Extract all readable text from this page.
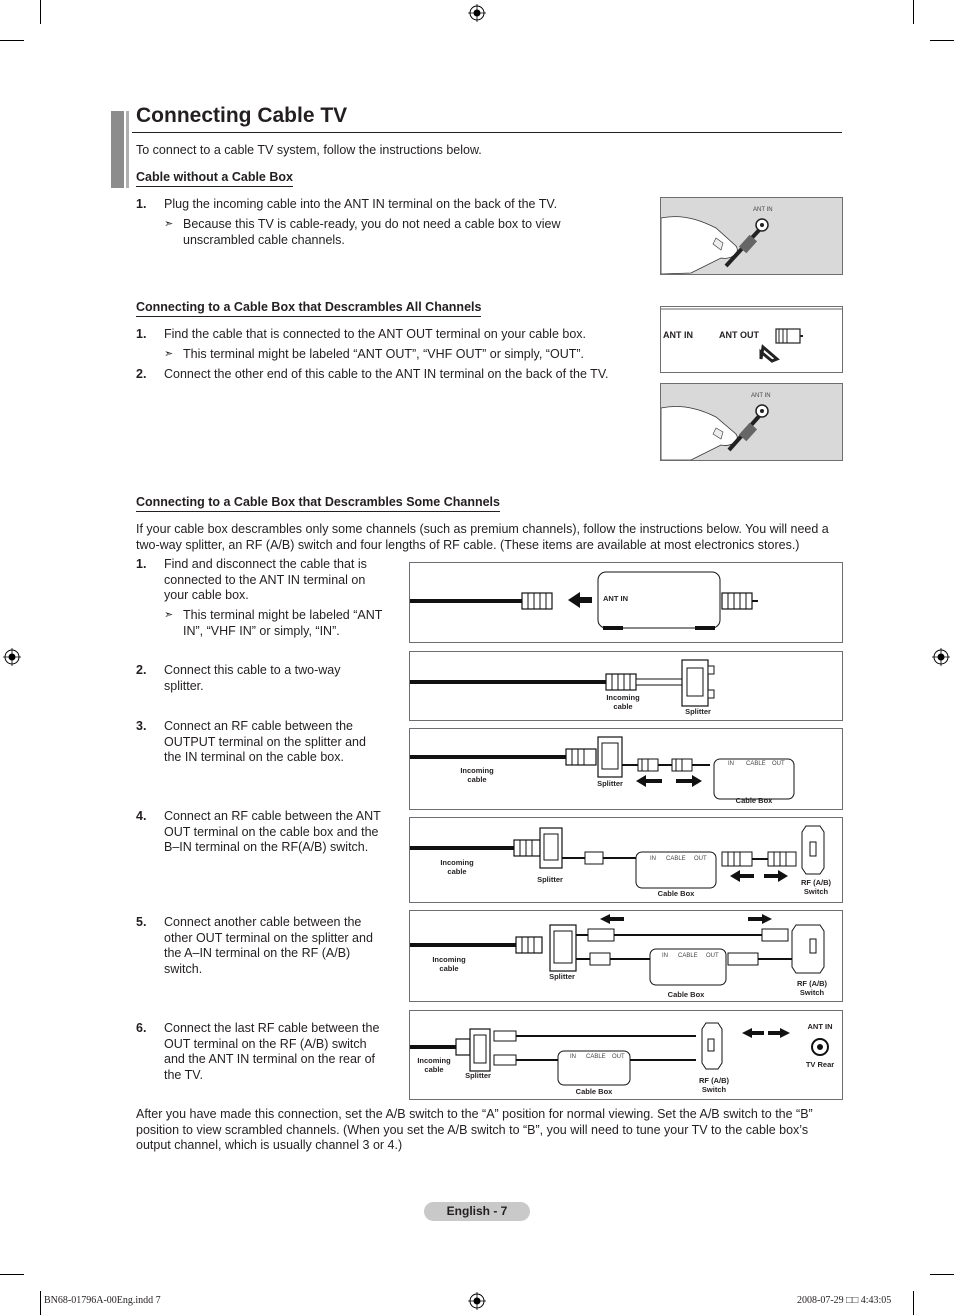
Connecting Cable TV
To connect to a cable TV system, follow the instructions below.
Cable without a Cable Box
1. Plug the incoming cable into the ANT IN terminal on the back of the TV.
➣ Because this TV is cable-ready, you do not need a cable box to view unscrambled cable channels.
ANT IN
Connecting to a Cable Box that Descrambles All Channels
1. Find the cable that is connected to the ANT OUT terminal on your cable box.
➣ This terminal might be labeled “ANT OUT”, “VHF OUT” or simply, “OUT”.
2. Connect the other end of this cable to the ANT IN terminal on the back of the TV.
ANT IN	ANT OUT
ANT IN
Connecting to a Cable Box that Descrambles Some Channels
If your cable box descrambles only some channels (such as premium channels), follow the instructions below. You will need a two-way splitter, an RF (A/B) switch and four lengths of RF cable. (These items are available at most electronics stores.)
1. Find and disconnect the cable that is connected to the ANT IN terminal on your cable box.
➣ This terminal might be labeled “ANT IN”, “VHF IN” or simply, “IN”.
2. Connect this cable to a two-way splitter.
3. Connect an RF cable between the OUTPUT terminal on the splitter and the IN terminal on the cable box.
4. Connect an RF cable between the ANT OUT terminal on the cable box and the B–IN terminal on the RF(A/B) switch.
5. Connect another cable between the other OUT terminal on the splitter and the A–IN terminal on the RF (A/B) switch.
6. Connect the last RF cable between the OUT terminal on the RF (A/B) switch and the ANT IN terminal on the rear of the TV.
ANT IN
Incoming cable
Splitter
Incoming cable	Splitter
IN CABLE OUT
Cable Box
Incoming cable
Splitter
IN CABLE OUT
Cable Box
RF (A/B) Switch
Incoming cable
Splitter
IN CABLE OUT
Cable Box
RF (A/B) Switch
Incoming cable
Splitter
IN CABLE OUT
Cable Box
RF (A/B) Switch
ANT IN
TV Rear
After you have made this connection, set the A/B switch to the “A” position for normal viewing. Set the A/B switch to the “B” position to view scrambled channels. (When you set the A/B switch to “B”, you will need to tune your TV to the cable box’s output channel, which is usually channel 3 or 4.)
English - 7
BN68-01796A-00Eng.indd 7	2008-07-29 □□ 4:43:05
